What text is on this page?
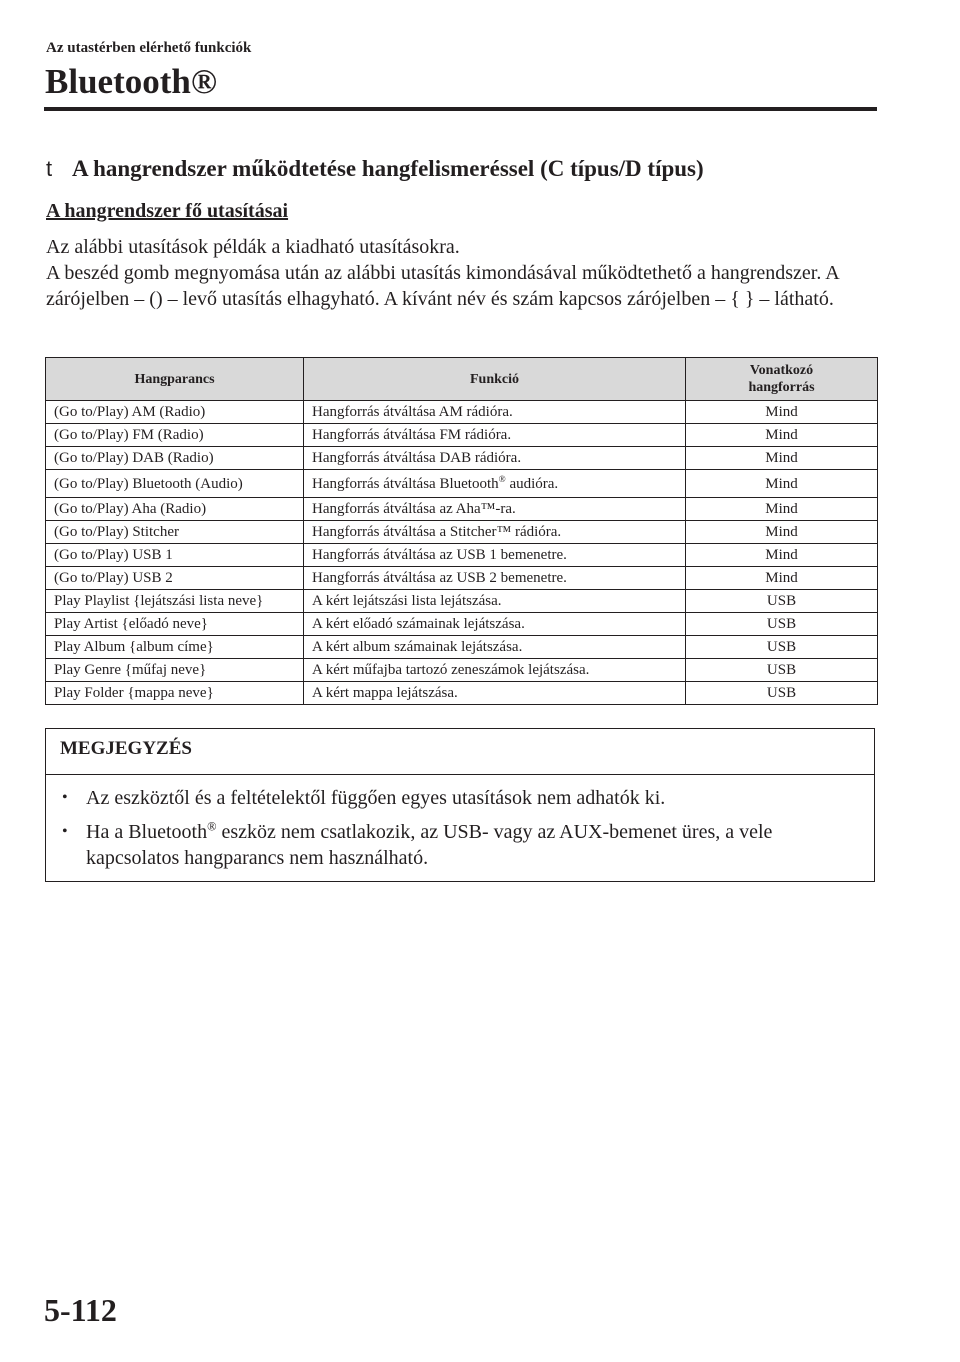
Az utastérben elérhető funkciók
Bluetooth®
t A hangrendszer működtetése hangfelismeréssel (C típus/D típus)
A hangrendszer fő utasításai

Az alábbi utasítások példák a kiadható utasításokra.

A beszéd gomb megnyomása után az alábbi utasítás kimondásával működtethető a hangrendszer. A zárójelben – () – levő utasítás elhagyható. A kívánt név és szám kapcsos zárójelben – { } – látható.

Hangparancs	Funkció	Vonatkozó
hangforrás
(Go to/Play) AM (Radio)	Hangforrás átváltása AM rádióra.	Mind
(Go to/Play) FM (Radio)	Hangforrás átváltása FM rádióra.	Mind
(Go to/Play) DAB (Radio)	Hangforrás átváltása DAB rádióra.	Mind
(Go to/Play) Bluetooth (Audio)	Hangforrás átváltása Bluetooth® audióra.	Mind
(Go to/Play) Aha (Radio)	Hangforrás átváltása az Aha™-ra.	Mind
(Go to/Play) Stitcher	Hangforrás átváltása a Stitcher™ rádióra.	Mind
(Go to/Play) USB 1	Hangforrás átváltása az USB 1 bemenetre.	Mind
(Go to/Play) USB 2	Hangforrás átváltása az USB 2 bemenetre.	Mind
Play Playlist {lejátszási lista neve}	A kért lejátszási lista lejátszása.	USB
Play Artist {előadó neve}	A kért előadó számainak lejátszása.	USB
Play Album {album címe}	A kért album számainak lejátszása.	USB
Play Genre {műfaj neve}	A kért műfajba tartozó zeneszámok lejátszása.	USB
Play Folder {mappa neve}	A kért mappa lejátszása.	USB
MEGJEGYZÉS
• Az eszköztől és a feltételektől függően egyes utasítások nem adhatók ki.
• Ha a Bluetooth® eszköz nem csatlakozik, az USB- vagy az AUX-bemenet üres, a vele kapcsolatos hangparancs nem használható.
5-112
